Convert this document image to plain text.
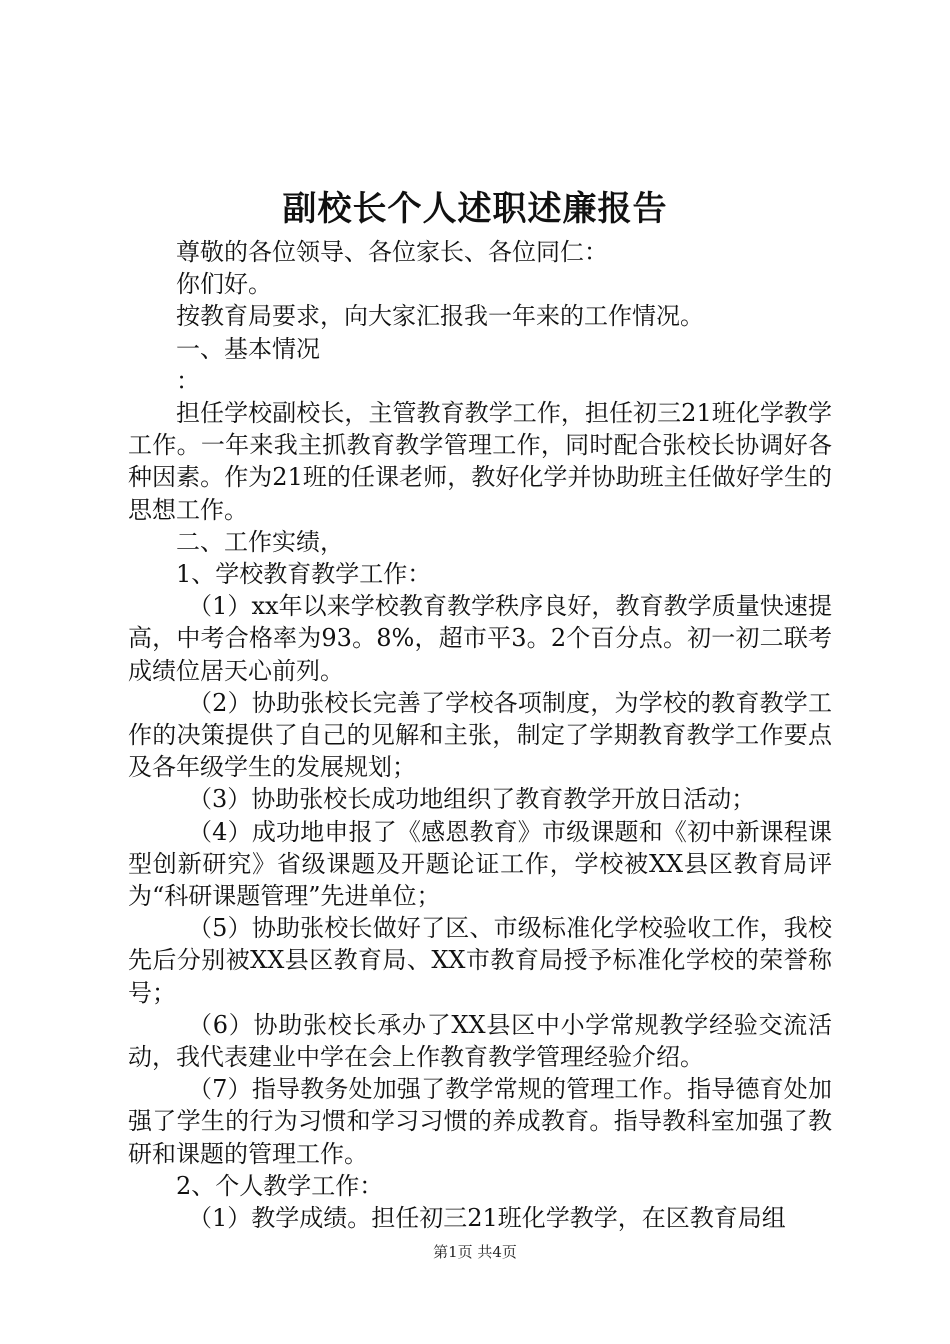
副校长个人述职述廉报告

尊敬的各位领导、各位家长、各位同仁：

你们好。

按教育局要求，向大家汇报我一年来的工作情况。

一、基本情况

：

担任学校副校长，主管教育教学工作，担任初三21班化学教学工作。一年来我主抓教育教学管理工作，同时配合张校长协调好各种因素。作为21班的任课老师，教好化学并协助班主任做好学生的思想工作。

二、工作实绩，

1、学校教育教学工作：

（1）xx年以来学校教育教学秩序良好，教育教学质量快速提高，中考合格率为93。8%，超市平3。2个百分点。初一初二联考成绩位居天心前列。

（2）协助张校长完善了学校各项制度，为学校的教育教学工作的决策提供了自己的见解和主张，制定了学期教育教学工作要点及各年级学生的发展规划；

（3）协助张校长成功地组织了教育教学开放日活动；

（4）成功地申报了《感恩教育》市级课题和《初中新课程课型创新研究》省级课题及开题论证工作，学校被XX县区教育局评为“科研课题管理”先进单位；

（5）协助张校长做好了区、市级标准化学校验收工作，我校先后分别被XX县区教育局、XX市教育局授予标准化学校的荣誉称号；

（6）协助张校长承办了XX县区中小学常规教学经验交流活动，我代表建业中学在会上作教育教学管理经验介绍。

（7）指导教务处加强了教学常规的管理工作。指导德育处加强了学生的行为习惯和学习习惯的养成教育。指导教科室加强了教研和课题的管理工作。

2、个人教学工作：

（1）教学成绩。担任初三21班化学教学，在区教育局组

第1页 共4页
